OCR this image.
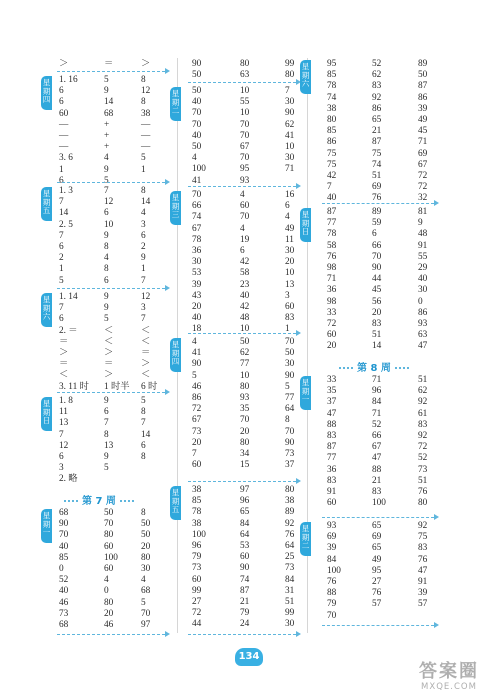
第 7 周
第 8 周
134
答案圈
MXQE.COM
＞	＝	＞
星
期
四
1. 16	5	8
6	9	12
6	14	8
60	68	38
—	+	—
—	+	—
—	+	—
3. 6	4	5
1	9	1
6	5
星
期
五
1. 3	7	8
7	12	14
14	6	4
2. 5	10	3
7	9	6
6	8	2
2	4	9
1	8	1
5	6	7
星
期
六
1. 14	9	12
7	9	3
6	5	7
2. ＝	＜	＜
＝	＜	＜
＞	＞	＝
＝	＝	＞
＜	＞	＜
3. 11 时 1 时半 6 时
星
期
日
1. 8	9	5
11	6	8
13	7	7
7	8	14
12	13	6
6	9	8
3	5
2. 略
星
期
一
68	50	8
90	70	50
70	80	50
40	60	20
85	100 80
0	60	30
52	4	4
40	0	68
46	80	5
73	20	70
68	46	97
90	80	99
50	63	80
星
期
二
50	10	7
40	55	30
70	10	90
70	70	62
40	70	41
50	67	10
4	70	30
100	95	71
41	93
星
期
三
70	4	16
66	60	6
74	70	4
67	4	49
78	19	11
36	6	30
30	42	20
53	58	10
39	23	13
43	40	3
20	42	60
40	48	83
18	10	1
星
期
四
4	50	70
41	62	50
90	77	30
5	10	90
46	80	5
86	93	77
72	35	64
67	70	8
73	20	70
20	80	90
7	34	73
60	15	37
星
期
五
38	97	80
85	96	38
78	65	89
38	84	92
100	64	76
96	53	64
79	60	25
73	90	73
60	74	84
99	87	31
27	21	51
72	79	99
44	24	30
星
期
六
95	52	89
85	62	50
78	83	87
74	92	86
38	86	39
80	65	49
85	21	45
86	87	71
75	75	69
75	74	67
42	51	72
7	69	72
40	76	32
星
期
日
87	89	81
77	59	9
78	6	48
58	66	91
76	70	55
98	90	29
71	44	40
36	45	30
98	56	0
33	20	86
72	83	93
60	51	63
20	14	47
星
期
一
33	71	51
35	96	62
37	84	92
47	71	61
88	52	83
83	66	92
87	67	72
77	47	52
36	88	73
83	21	51
91	83	76
60	100	80
星
期
二
93	65	92
69	69	75
39	65	83
84	49	76
100	95	47
76	27	91
88	76	39
79	57	57
70
